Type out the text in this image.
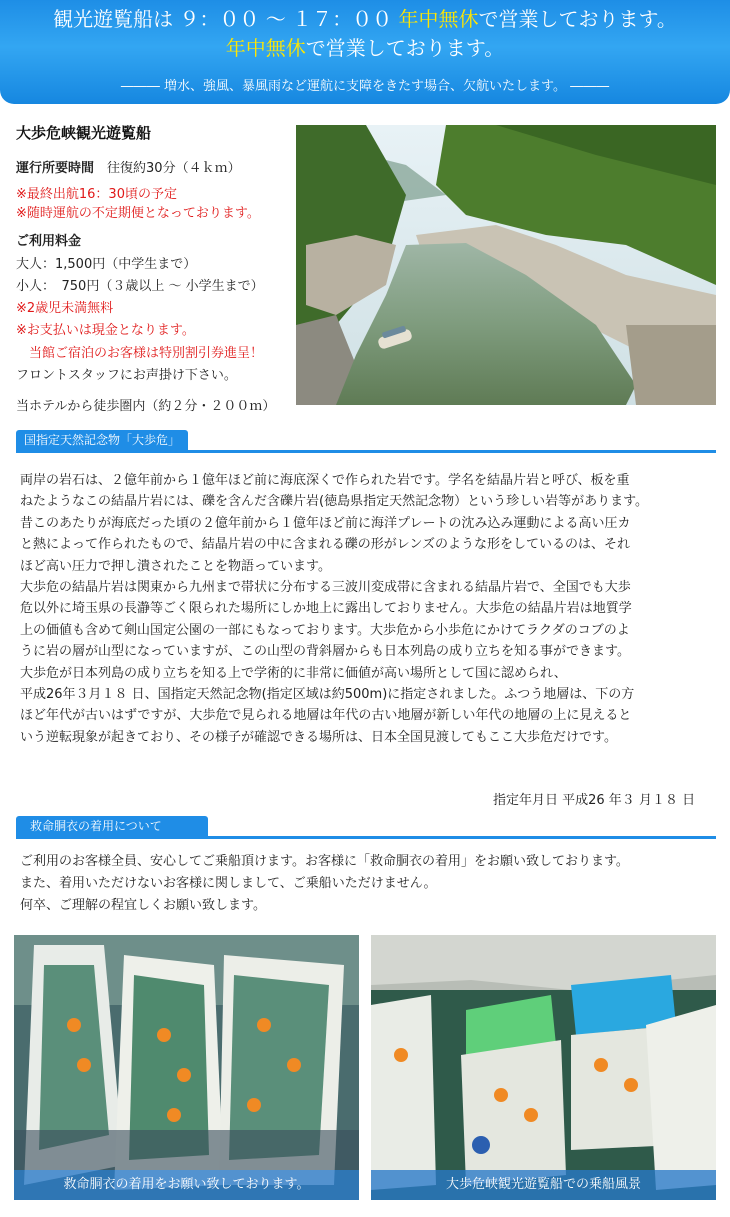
観光遊覧船は ９：００ ～ １７：００ 年中無休で営業しております。
年中無休で営業しております。
――― 増水、強風、暴風雨など運航に支障をきたす場合、欠航いたします。 ―――
大歩危峡観光遊覧船
運行所要時間　 往復約30分（４ｋｍ）
※最終出航16：30頃の予定
※随時運航の不定期便となっております。
ご利用料金
大人：1,500円（中学生まで）
小人：　750円（３歳以上 ～ 小学生まで）
※2歳児未満無料
※お支払いは現金となります。
　当館ご宿泊のお客様は特別割引券進呈！
フロントスタッフにお声掛け下さい。
当ホテルから徒歩圏内（約２分・２００ｍ）
国指定天然記念物「大歩危」

両岸の岩石は、２億年前から１億年ほど前に海底深くで作られた岩です。学名を結晶片岩と呼び、板を重

ねたようなこの結晶片岩には、礫を含んだ含礫片岩(徳島県指定天然記念物）という珍しい岩等があります。

昔このあたりが海底だった頃の２億年前から１億年ほど前に海洋プレートの沈み込み運動による高い圧カ

と熱によって作られたもので、結晶片岩の中に含まれる礫の形がレンズのような形をしているのは、それ

ほど高い圧力で押し潰されたことを物語っています。

大歩危の結晶片岩は関東から九州まで帯状に分布する三波川変成帯に含まれる結晶片岩で、全国でも大歩

危以外に埼玉県の長瀞等ごく限られた場所にしか地上に露出しておりません。大歩危の結晶片岩は地質学

上の価値も含めて剣山国定公園の一部にもなっております。大歩危から小歩危にかけてラクダのコブのよ

うに岩の層が山型になっていますが、この山型の背斜層からも日本列島の成り立ちを知る事ができます。

大歩危が日本列島の成り立ちを知る上で学術的に非常に価値が高い場所として国に認められ、

平成26年３月１８ 日、国指定天然記念物(指定区域は約500m)に指定されました。ふつう地層は、下の方

ほど年代が古いはずですが、大歩危で見られる地層は年代の古い地層が新しい年代の地層の上に見えると

いう逆転現象が起きており、その様子が確認できる場所は、日本全国見渡してもここ大歩危だけです。

指定年月日 平成26 年３ 月１８ 日
救命胴衣の着用について

ご利用のお客様全員、安心してご乗船頂けます。お客様に「救命胴衣の着用」をお願い致しております。

また、着用いただけないお客様に関しまして、ご乗船いただけません。

何卒、ご理解の程宜しくお願い致します。

救命胴衣の着用をお願い致しております。	大歩危峡観光遊覧船での乗船風景
